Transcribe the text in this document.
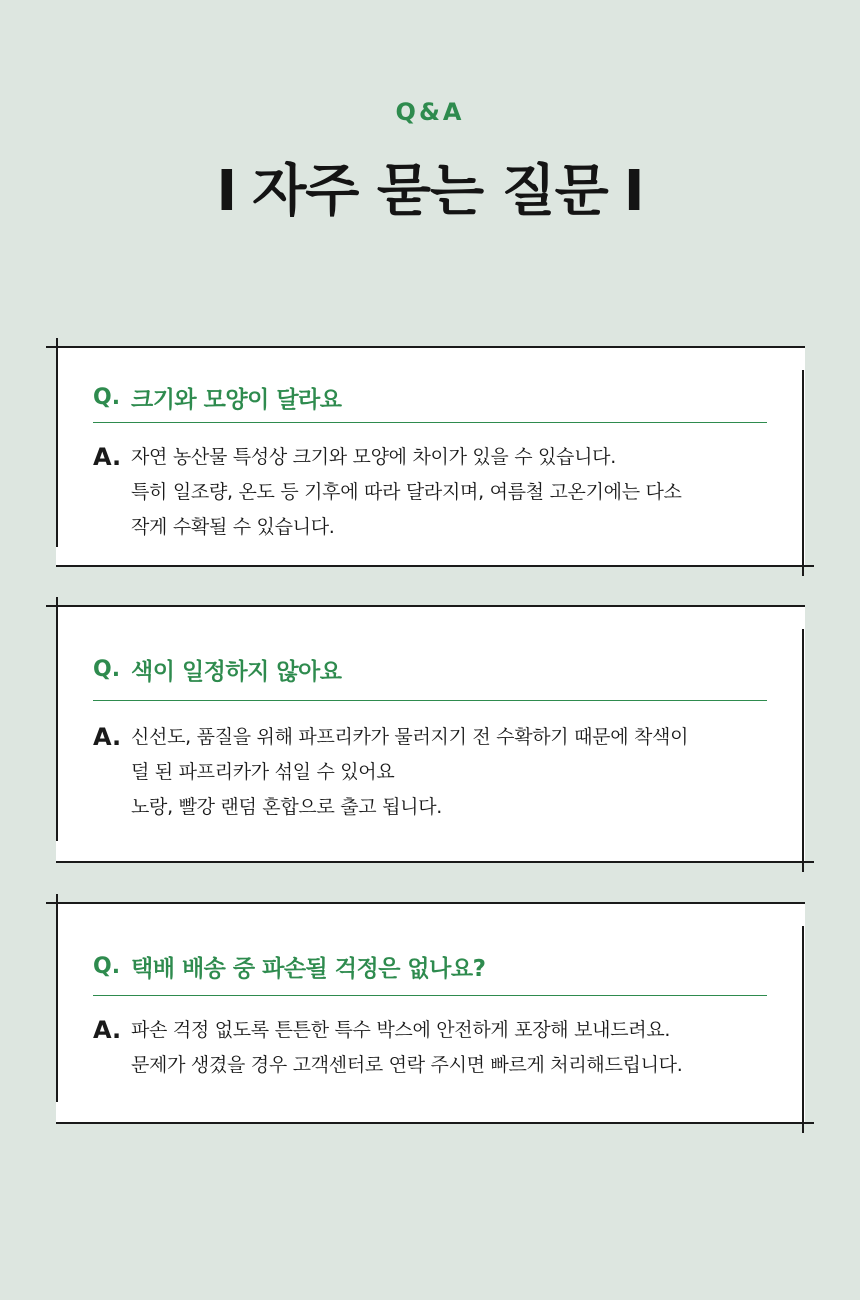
Q&A
I 자주 묻는 질문 I
Q. 크기와 모양이 달라요
A. 자연 농산물 특성상 크기와 모양에 차이가 있을 수 있습니다.
특히 일조량, 온도 등 기후에 따라 달라지며, 여름철 고온기에는 다소
작게 수확될 수 있습니다.
Q. 색이 일정하지 않아요
A. 신선도, 품질을 위해 파프리카가 물러지기 전 수확하기 때문에 착색이
덜 된 파프리카가 섞일 수 있어요
노랑, 빨강 랜덤 혼합으로 출고 됩니다.
Q. 택배 배송 중 파손될 걱정은 없나요?
A. 파손 걱정 없도록 튼튼한 특수 박스에 안전하게 포장해 보내드려요.
문제가 생겼을 경우 고객센터로 연락 주시면 빠르게 처리해드립니다.
